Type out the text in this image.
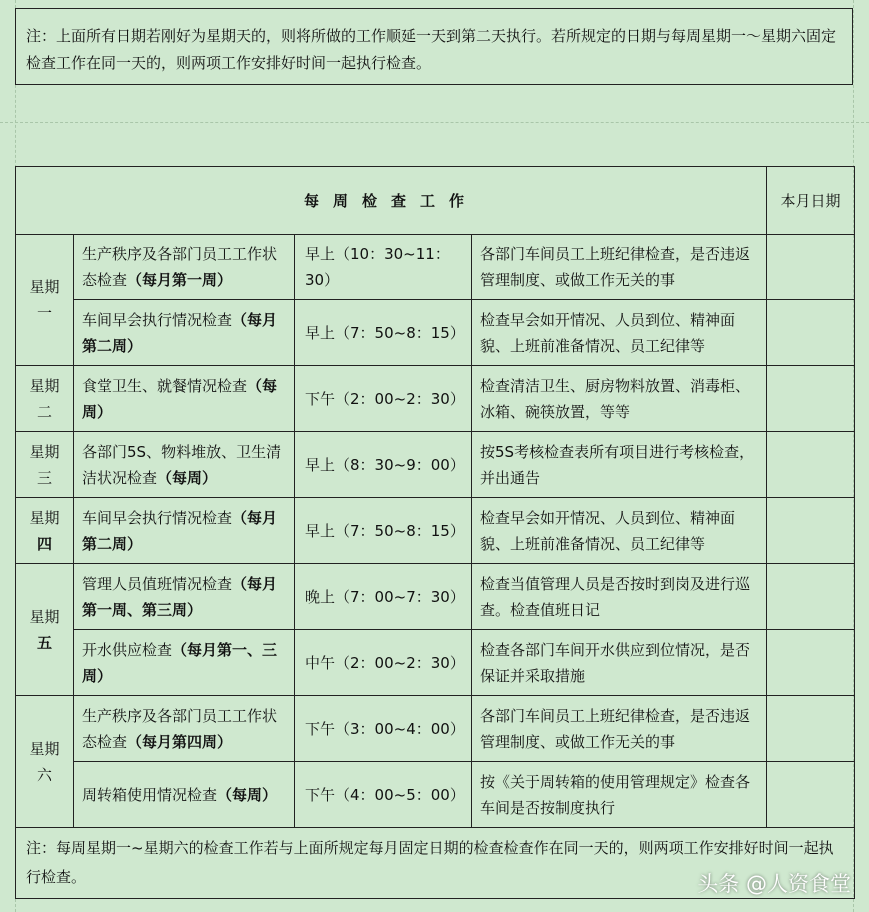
注：上面所有日期若刚好为星期天的，则将所做的工作顺延一天到第二天执行。若所规定的日期与每周星期一～星期六固定检查工作在同一天的，则两项工作安排好时间一起执行检查。
每周检查工作				本月日期

星期
一	生产秩序及各部门员工工作状态检查（每月第一周）	早上（10：30~11：30）	各部门车间员工上班纪律检查，是否违返管理制度、或做工作无关的事	
	车间早会执行情况检查（每月第二周）	早上（7：50~8：15）	检查早会如开情况、人员到位、精神面貌、上班前准备情况、员工纪律等	

星期
二	食堂卫生、就餐情况检查（每周）	下午（2：00~2：30）	检查清洁卫生、厨房物料放置、消毒柜、冰箱、碗筷放置，等等	

星期
三	各部门5S、物料堆放、卫生清洁状况检查（每周）	早上（8：30~9：00）	按5S考核检查表所有项目进行考核检查，并出通告	

星期
四	车间早会执行情况检查（每月第二周）	早上（7：50~8：15）	检查早会如开情况、人员到位、精神面貌、上班前准备情况、员工纪律等	

星期
五	管理人员值班情况检查（每月第一周、第三周）	晚上（7：00~7：30）	检查当值管理人员是否按时到岗及进行巡查。检查值班日记	
	开水供应检查（每月第一、三周）	中午（2：00~2：30）	检查各部门车间开水供应到位情况，是否保证并采取措施	

星期
六	生产秩序及各部门员工工作状态检查（每月第四周）	下午（3：00~4：00）	各部门车间员工上班纪律检查，是否违返管理制度、或做工作无关的事	
	周转箱使用情况检查（每周）	下午（4：00~5：00）	按《关于周转箱的使用管理规定》检查各车间是否按制度执行	
注：每周星期一~星期六的检查工作若与上面所规定每月固定日期的检查检查作在同一天的，则两项工作安排好时间一起执行检查。					头条 @人资食堂
